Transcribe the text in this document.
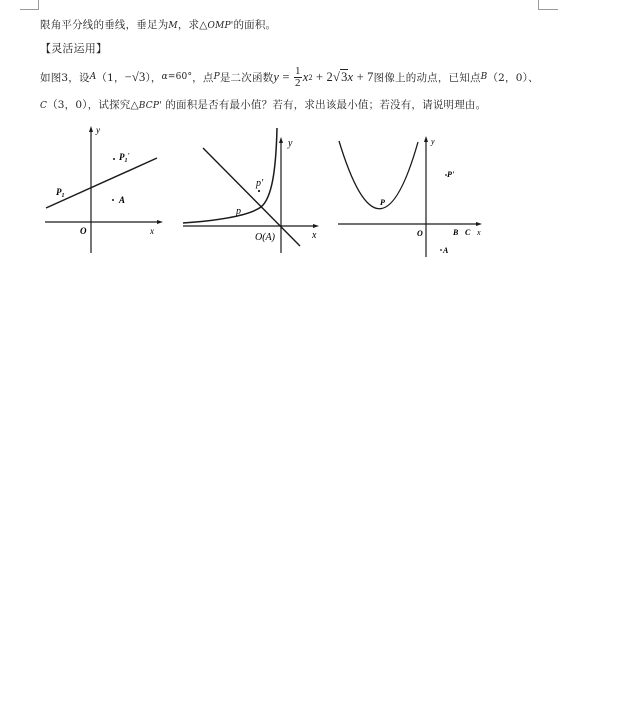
限角平分线的垂线，垂足为M，求△OMP'的面积。
【灵活运用】
如图3，设 A （1， −√3 ）， α =60° ，点 P 是二次函数 $y = \frac{1}{2}$ x 2 + 2 √ 3 x + 7 图像上的动点，已知点 B （2，0）、
C（3，0），试探究△BCP' 的面积是否有最小值？若有，求出该最小值；若没有，请说明理由。
y
x
O
$P_1'$
$P_1$	A
y
x
O(A)
p'
p
y
x
O	B C
P'
A
P
